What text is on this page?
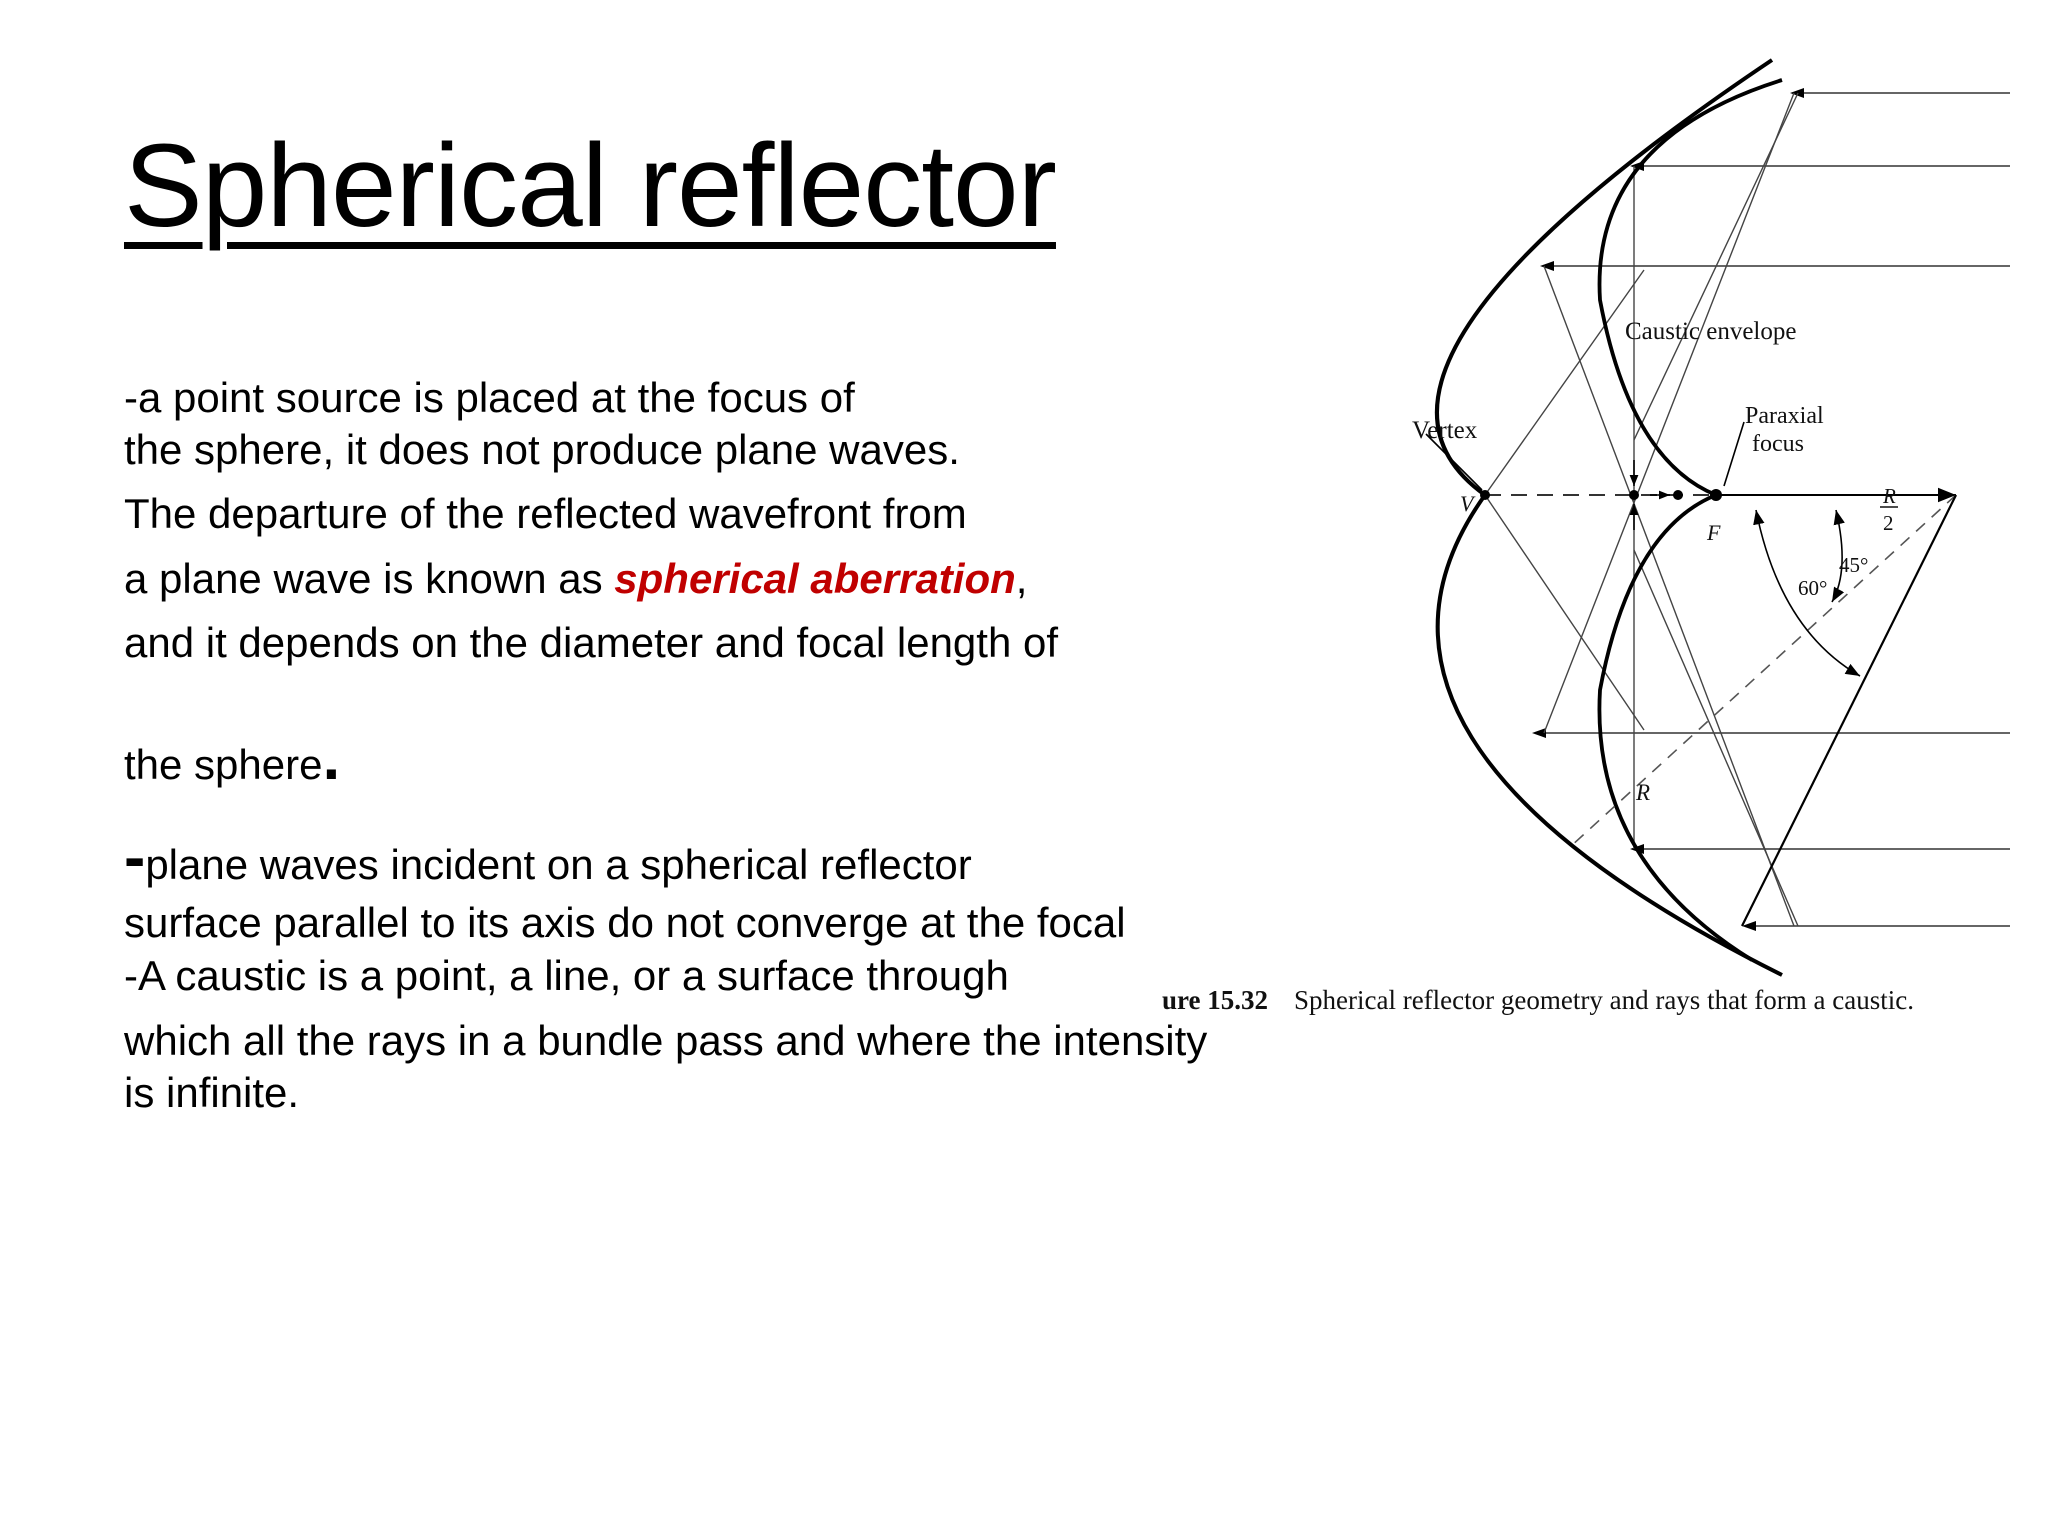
Spherical reflector

-a point source is placed at the focus of

the sphere, it does not produce plane waves.

The departure of the reflected wavefront from

a plane wave is known as spherical aberration,

and it depends on the diameter and focal length of

the sphere.

-plane waves incident on a spherical reflector

surface parallel to its axis do not converge at the focal

-A caustic is a point, a line, or a surface through

which all the rays in a bundle pass and where the intensity

is infinite.

Caustic envelope
Vertex
Paraxial
focus
V
F
R
2
45°
60°
R
ure 15.32 Spherical reflector geometry and rays that form a caustic.
